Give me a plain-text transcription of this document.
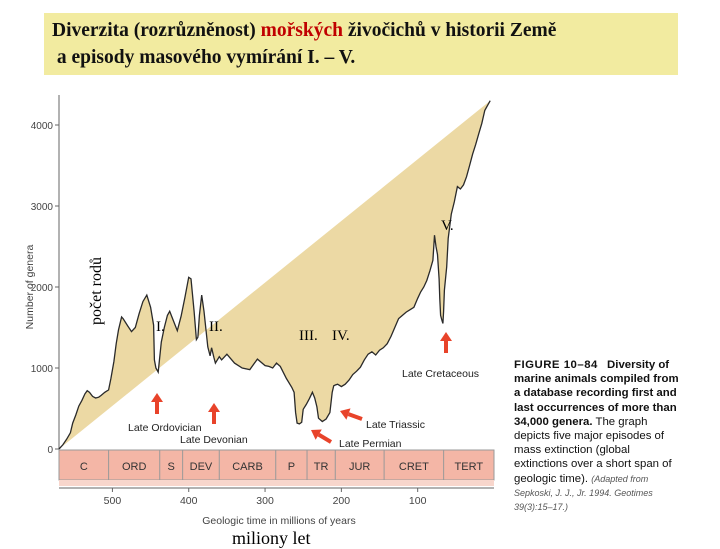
Diverzita (rozrůzněnost) mořských živočichů v historii Země
a episody masového vymírání I. – V.
0
1000
2000
3000
4000
Number of genera
C	ORD S DEV CARB P TR JUR	CRET TERT
500	400	300	200	100
Geologic time in millions of years
Late Ordovician
I.
Late Devonian
II.
Late Permian
III.
Late Triassic
IV.
Late Cretaceous
V.
počet rodů
miliony let
FIGURE 10–84 Diversity of marine animals compiled from a database recording first and last occurrences of more than 34,000 genera. The graph depicts five major episodes of mass extinction (global extinctions over a short span of geologic time). (Adapted from Sepkoski, J. J., Jr. 1994. Geotimes 39(3):15–17.)
